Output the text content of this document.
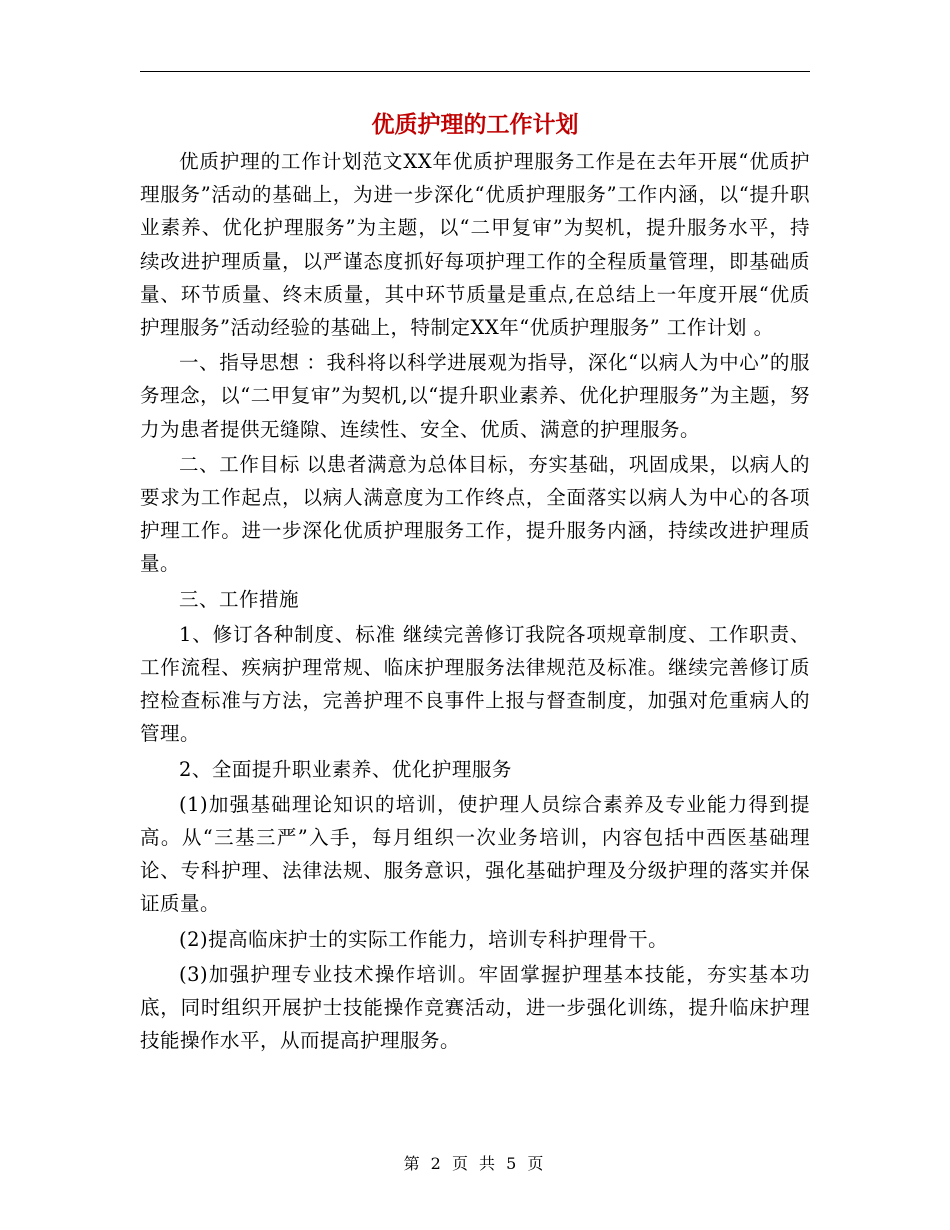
优质护理的工作计划

优质护理的工作计划范文XX年优质护理服务工作是在去年开展“优质护理服务”活动的基础上，为进一步深化“优质护理服务”工作内涵，以“提升职业素养、优化护理服务”为主题，以“二甲复审”为契机，提升服务水平，持续改进护理质量，以严谨态度抓好每项护理工作的全程质量管理，即基础质量、环节质量、终末质量，其中环节质量是重点,在总结上一年度开展“优质护理服务”活动经验的基础上，特制定XX年“优质护理服务” 工作计划 。

一、指导思想 ：我科将以科学进展观为指导，深化“以病人为中心”的服务理念，以“二甲复审”为契机,以“提升职业素养、优化护理服务”为主题，努力为患者提供无缝隙、连续性、安全、优质、满意的护理服务。

二、工作目标 以患者满意为总体目标，夯实基础，巩固成果，以病人的要求为工作起点，以病人满意度为工作终点，全面落实以病人为中心的各项护理工作。进一步深化优质护理服务工作，提升服务内涵，持续改进护理质量。

三、工作措施

1、修订各种制度、标准 继续完善修订我院各项规章制度、工作职责、工作流程、疾病护理常规、临床护理服务法律规范及标准。继续完善修订质控检查标准与方法，完善护理不良事件上报与督查制度，加强对危重病人的管理。

2、全面提升职业素养、优化护理服务

(1)加强基础理论知识的培训，使护理人员综合素养及专业能力得到提高。从“三基三严”入手，每月组织一次业务培训，内容包括中西医基础理论、专科护理、法律法规、服务意识，强化基础护理及分级护理的落实并保证质量。

(2)提高临床护士的实际工作能力，培训专科护理骨干。

(3)加强护理专业技术操作培训。牢固掌握护理基本技能，夯实基本功底，同时组织开展护士技能操作竞赛活动，进一步强化训练，提升临床护理技能操作水平，从而提高护理服务。

第 2 页 共 5 页
